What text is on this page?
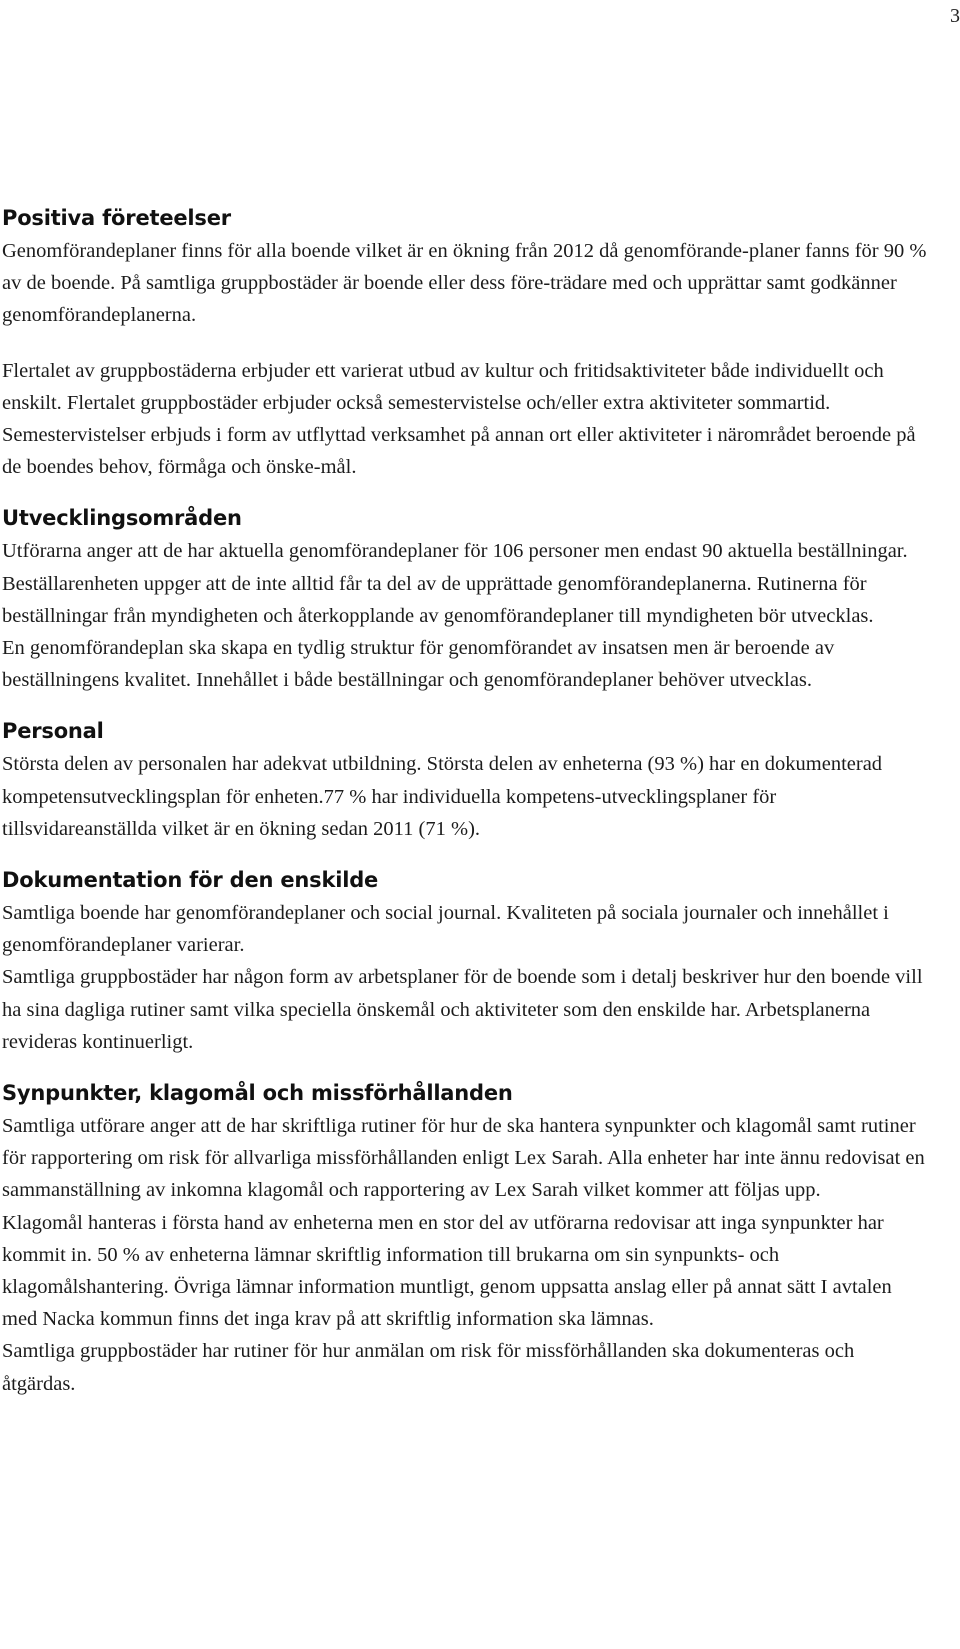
3
Positiva företeelser

Genomförandeplaner finns för alla boende vilket är en ökning från 2012 då genomförande-planer fanns för 90 % av de boende. På samtliga gruppbostäder är boende eller dess före-trädare med och upprättar samt godkänner genomförandeplanerna.

Flertalet av gruppbostäderna erbjuder ett varierat utbud av kultur och fritidsaktiviteter både individuellt och enskilt. Flertalet gruppbostäder erbjuder också semestervistelse och/eller extra aktiviteter sommartid. Semestervistelser erbjuds i form av utflyttad verksamhet på annan ort eller aktiviteter i närområdet beroende på de boendes behov, förmåga och önske-mål.

Utvecklingsområden

Utförarna anger att de har aktuella genomförandeplaner för 106 personer men endast 90 aktuella beställningar. Beställarenheten uppger att de inte alltid får ta del av de upprättade genomförandeplanerna. Rutinerna för beställningar från myndigheten och återkopplande av genomförandeplaner till myndigheten bör utvecklas.

En genomförandeplan ska skapa en tydlig struktur för genomförandet av insatsen men är beroende av beställningens kvalitet. Innehållet i både beställningar och genomförandeplaner behöver utvecklas.

Personal

Största delen av personalen har adekvat utbildning. Största delen av enheterna (93 %) har en dokumenterad kompetensutvecklingsplan för enheten.77 % har individuella kompetens-utvecklingsplaner för tillsvidareanställda vilket är en ökning sedan 2011 (71 %).

Dokumentation för den enskilde

Samtliga boende har genomförandeplaner och social journal. Kvaliteten på sociala journaler och innehållet i genomförandeplaner varierar.

Samtliga gruppbostäder har någon form av arbetsplaner för de boende som i detalj beskriver hur den boende vill ha sina dagliga rutiner samt vilka speciella önskemål och aktiviteter som den enskilde har. Arbetsplanerna revideras kontinuerligt.

Synpunkter, klagomål och missförhållanden

Samtliga utförare anger att de har skriftliga rutiner för hur de ska hantera synpunkter och klagomål samt rutiner för rapportering om risk för allvarliga missförhållanden enligt Lex Sarah. Alla enheter har inte ännu redovisat en sammanställning av inkomna klagomål och rapportering av Lex Sarah vilket kommer att följas upp.

Klagomål hanteras i första hand av enheterna men en stor del av utförarna redovisar att inga synpunkter har kommit in. 50 % av enheterna lämnar skriftlig information till brukarna om sin synpunkts- och klagomålshantering. Övriga lämnar information muntligt, genom uppsatta anslag eller på annat sätt I avtalen med Nacka kommun finns det inga krav på att skriftlig information ska lämnas.

Samtliga gruppbostäder har rutiner för hur anmälan om risk för missförhållanden ska dokumenteras och åtgärdas.
